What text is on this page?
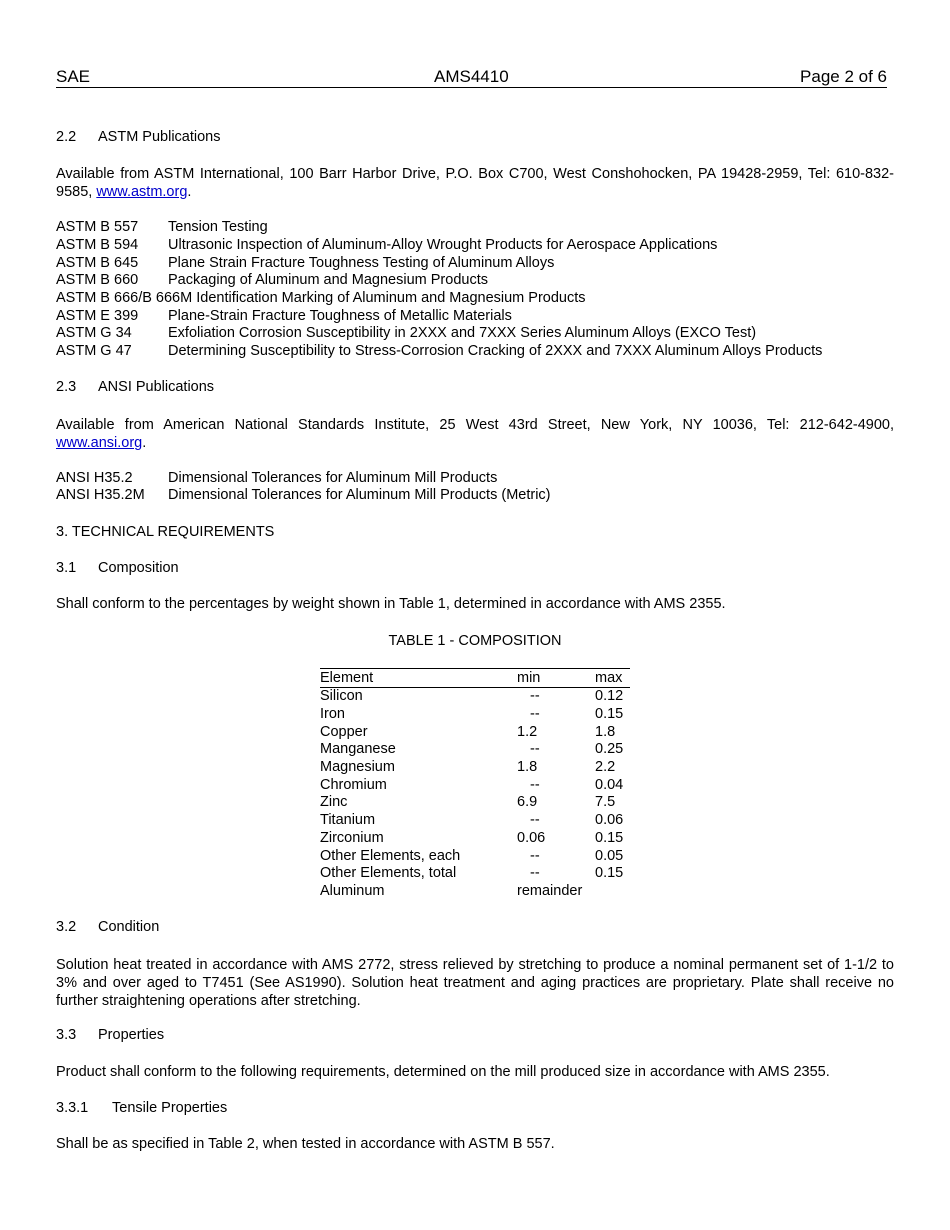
SAE	AMS4410	Page 2 of 6
2.2 ASTM Publications
Available from ASTM International, 100 Barr Harbor Drive, P.O. Box C700, West Conshohocken, PA 19428-2959, Tel: 610-832-9585, www.astm.org.
ASTM B 557 Tension Testing
ASTM B 594 Ultrasonic Inspection of Aluminum-Alloy Wrought Products for Aerospace Applications
ASTM B 645 Plane Strain Fracture Toughness Testing of Aluminum Alloys
ASTM B 660 Packaging of Aluminum and Magnesium Products
ASTM B 666/B 666M Identification Marking of Aluminum and Magnesium Products
ASTM E 399 Plane-Strain Fracture Toughness of Metallic Materials
ASTM G 34	Exfoliation Corrosion Susceptibility in 2XXX and 7XXX Series Aluminum Alloys (EXCO Test)
ASTM G 47	Determining Susceptibility to Stress-Corrosion Cracking of 2XXX and 7XXX Aluminum Alloys Products
2.3 ANSI Publications
Available from American National Standards Institute, 25 West 43rd Street, New York, NY 10036, Tel: 212-642-4900, www.ansi.org.
ANSI H35.2 Dimensional Tolerances for Aluminum Mill Products
ANSI H35.2M Dimensional Tolerances for Aluminum Mill Products (Metric)
3. TECHNICAL REQUIREMENTS
3.1 Composition
Shall conform to the percentages by weight shown in Table 1, determined in accordance with AMS 2355.
TABLE 1 - COMPOSITION
Element	min	max
Silicon	--	0.12
Iron	--	0.15
Copper	1.2	1.8
Manganese	--	0.25
Magnesium	1.8	2.2
Chromium	--	0.04
Zinc	6.9	7.5
Titanium	--	0.06
Zirconium	0.06	0.15
Other Elements, each	--	0.05
Other Elements, total	--	0.15
Aluminum	remainder
3.2 Condition
Solution heat treated in accordance with AMS 2772, stress relieved by stretching to produce a nominal permanent set of 1-1/2 to 3% and over aged to T7451 (See AS1990). Solution heat treatment and aging practices are proprietary. Plate shall receive no further straightening operations after stretching.
3.3 Properties
Product shall conform to the following requirements, determined on the mill produced size in accordance with AMS 2355.
3.3.1 Tensile Properties
Shall be as specified in Table 2, when tested in accordance with ASTM B 557.
